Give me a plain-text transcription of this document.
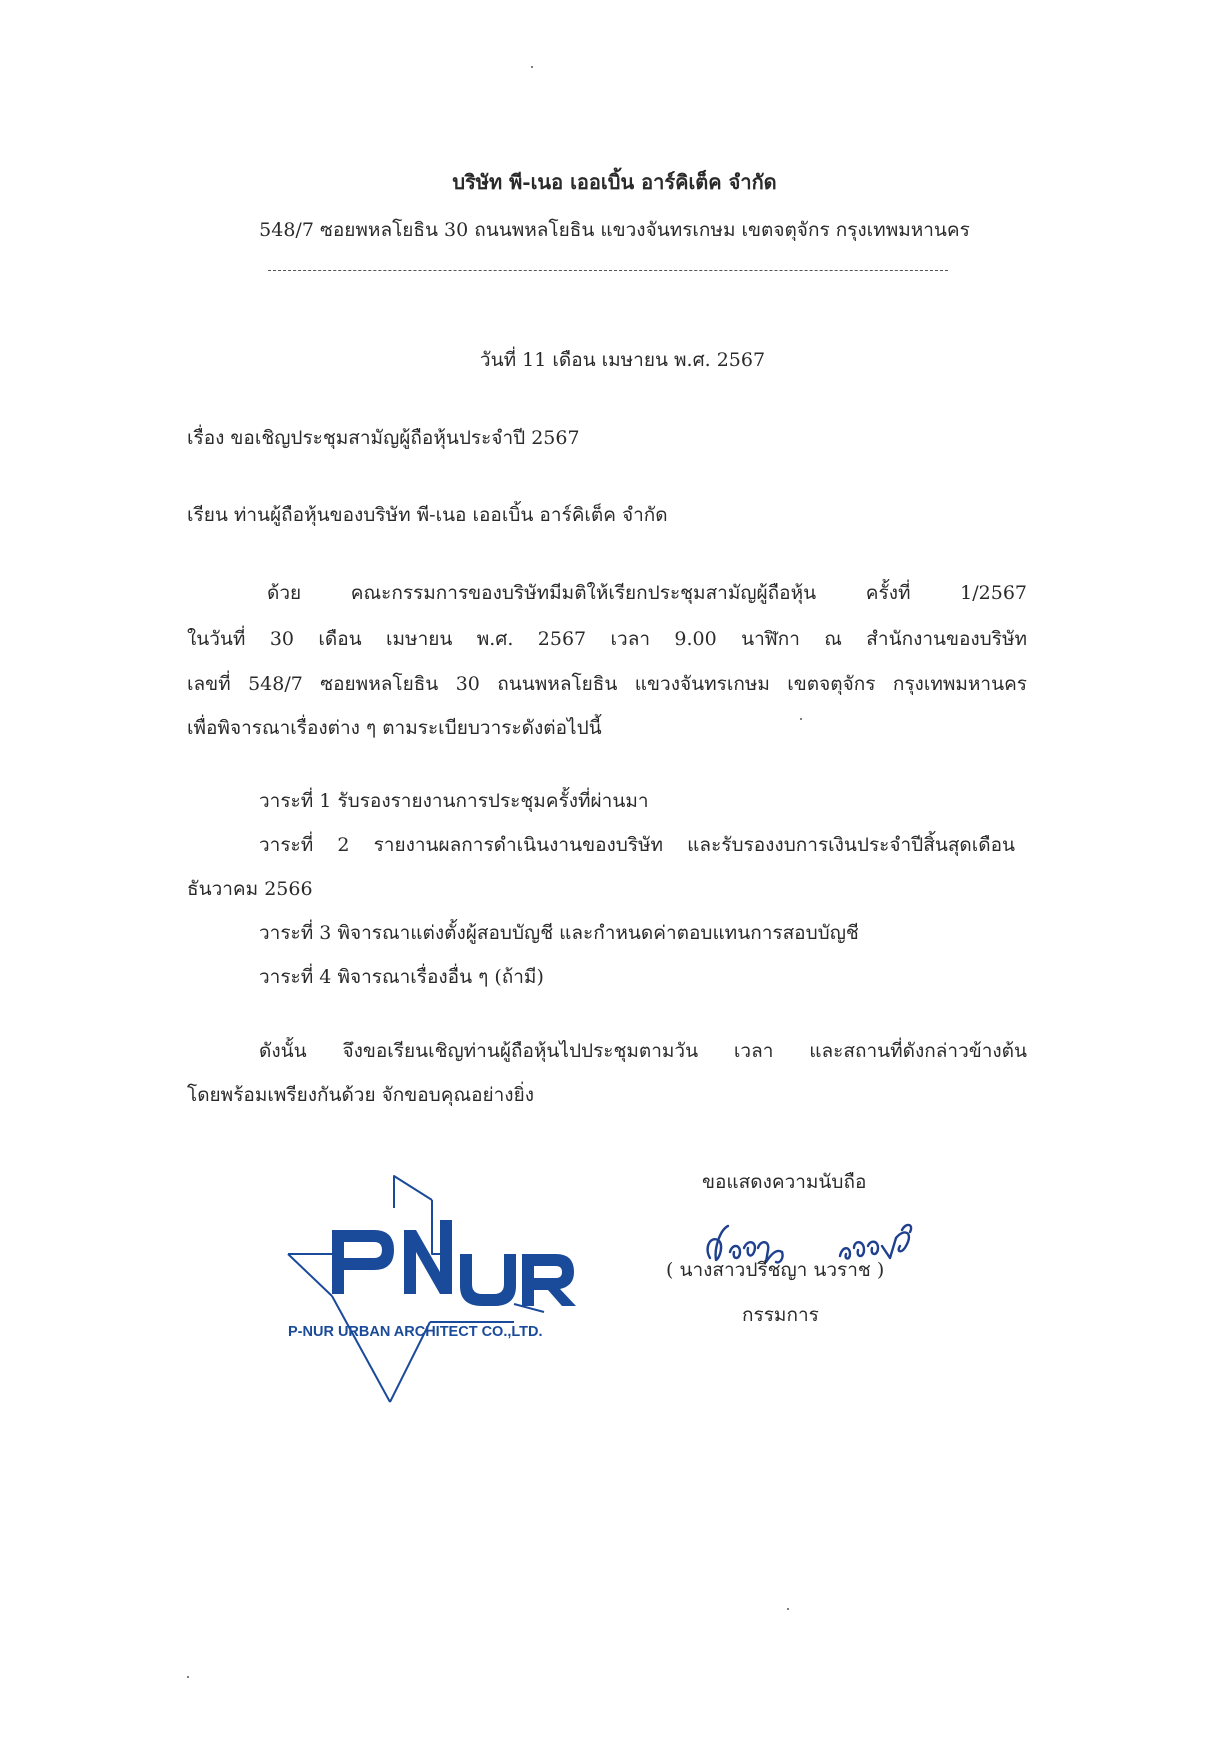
บริษัท พี-เนอ เออเบิ้น อาร์คิเต็ค จำกัด
548/7 ซอยพหลโยธิน 30 ถนนพหลโยธิน แขวงจันทรเกษม เขตจตุจักร กรุงเทพมหานคร
วันที่ 11 เดือน เมษายน พ.ศ. 2567
เรื่อง ขอเชิญประชุมสามัญผู้ถือหุ้นประจำปี 2567
เรียน ท่านผู้ถือหุ้นของบริษัท พี-เนอ เออเบิ้น อาร์คิเต็ค จำกัด
ด้วย คณะกรรมการของบริษัทมีมติให้เรียกประชุมสามัญผู้ถือหุ้น ครั้งที่ 1/2567
ในวันที่ 30 เดือน เมษายน พ.ศ. 2567 เวลา 9.00 นาฬิกา ณ สำนักงานของบริษัท
เลขที่ 548/7 ซอยพหลโยธิน 30 ถนนพหลโยธิน แขวงจันทรเกษม เขตจตุจักร กรุงเทพมหานคร
เพื่อพิจารณาเรื่องต่าง ๆ ตามระเบียบวาระดังต่อไปนี้
วาระที่ 1 รับรองรายงานการประชุมครั้งที่ผ่านมา
วาระที่ 2 รายงานผลการดำเนินงานของบริษัท และรับรองงบการเงินประจำปีสิ้นสุดเดือน
ธันวาคม 2566
วาระที่ 3 พิจารณาแต่งตั้งผู้สอบบัญชี และกำหนดค่าตอบแทนการสอบบัญชี
วาระที่ 4 พิจารณาเรื่องอื่น ๆ (ถ้ามี)
ดังนั้น จึงขอเรียนเชิญท่านผู้ถือหุ้นไปประชุมตามวัน เวลา และสถานที่ดังกล่าวข้างต้น
โดยพร้อมเพรียงกันด้วย จักขอบคุณอย่างยิ่ง
ขอแสดงความนับถือ
( นางสาวปรีชญา นวราช )
กรรมการ
P-NUR URBAN ARCHITECT CO.,LTD.
